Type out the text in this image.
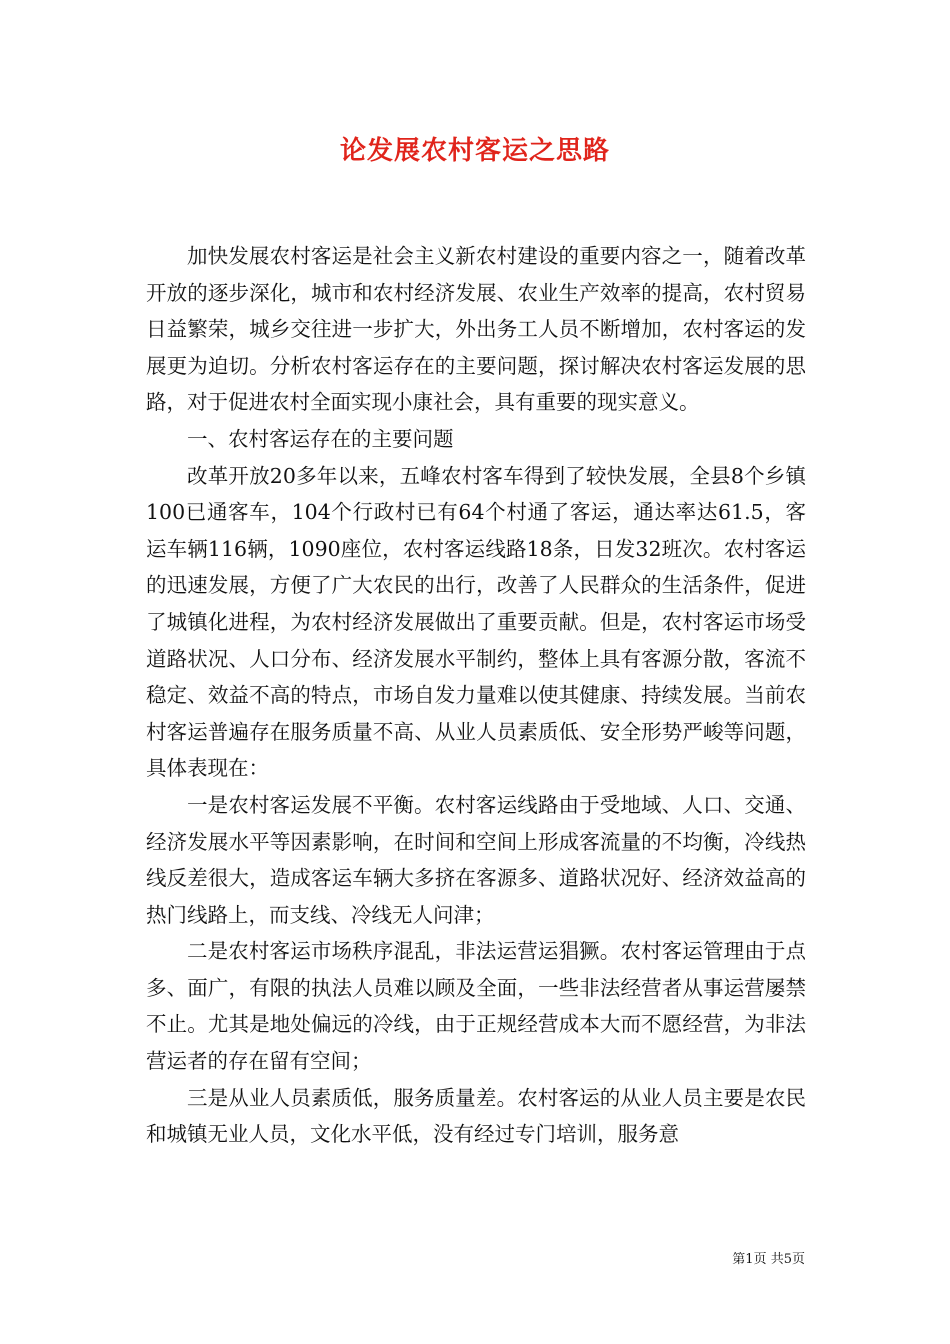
论发展农村客运之思路

加快发展农村客运是社会主义新农村建设的重要内容之一，随着改革开放的逐步深化，城市和农村经济发展、农业生产效率的提高，农村贸易日益繁荣，城乡交往进一步扩大，外出务工人员不断增加，农村客运的发展更为迫切。分析农村客运存在的主要问题，探讨解决农村客运发展的思路，对于促进农村全面实现小康社会，具有重要的现实意义。

一、农村客运存在的主要问题

改革开放20多年以来，五峰农村客车得到了较快发展，全县8个乡镇100已通客车，104个行政村已有64个村通了客运，通达率达61.5，客运车辆116辆，1090座位，农村客运线路18条，日发32班次。农村客运的迅速发展，方便了广大农民的出行，改善了人民群众的生活条件，促进了城镇化进程，为农村经济发展做出了重要贡献。但是，农村客运市场受道路状况、人口分布、经济发展水平制约，整体上具有客源分散，客流不稳定、效益不高的特点，市场自发力量难以使其健康、持续发展。当前农村客运普遍存在服务质量不高、从业人员素质低、安全形势严峻等问题，具体表现在：

一是农村客运发展不平衡。农村客运线路由于受地域、人口、交通、经济发展水平等因素影响，在时间和空间上形成客流量的不均衡，冷线热线反差很大，造成客运车辆大多挤在客源多、道路状况好、经济效益高的热门线路上，而支线、冷线无人问津；

二是农村客运市场秩序混乱，非法运营运猖獗。农村客运管理由于点多、面广，有限的执法人员难以顾及全面，一些非法经营者从事运营屡禁不止。尤其是地处偏远的冷线，由于正规经营成本大而不愿经营，为非法营运者的存在留有空间；

三是从业人员素质低，服务质量差。农村客运的从业人员主要是农民和城镇无业人员，文化水平低，没有经过专门培训，服务意

第1页 共5页
